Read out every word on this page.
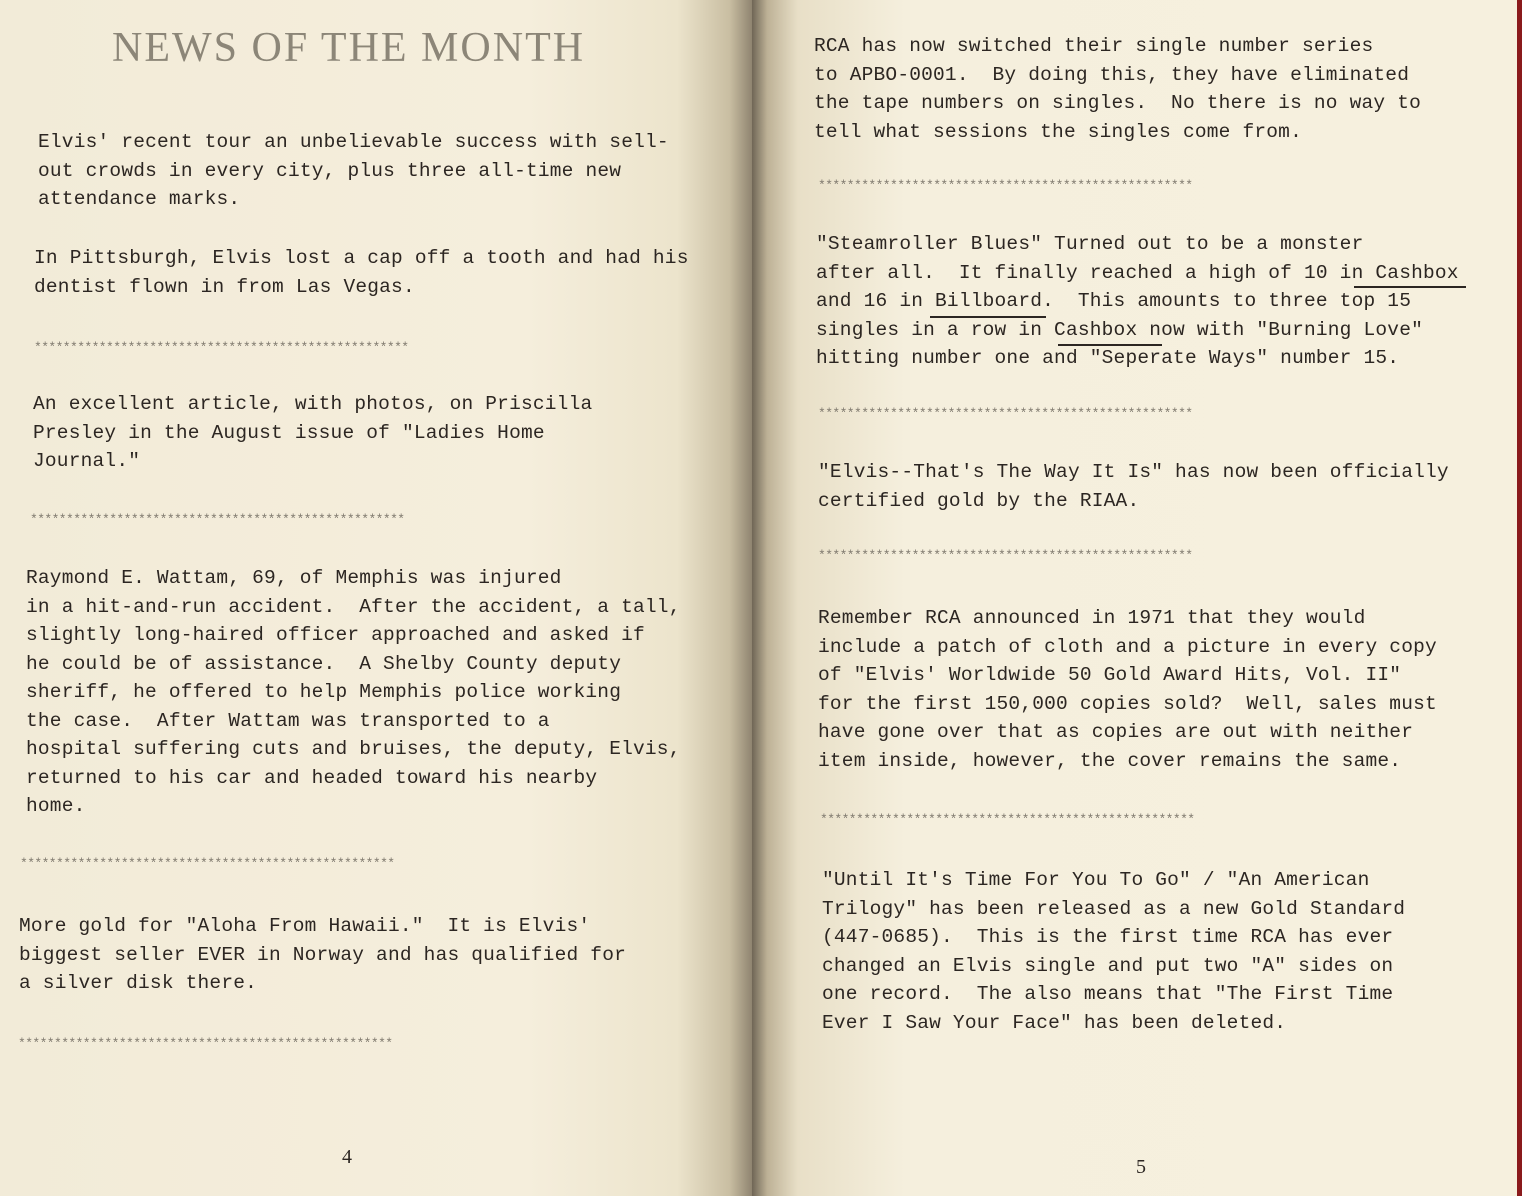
NEWS OF THE MONTH

Elvis' recent tour an unbelievable success with sell-
out crowds in every city, plus three all-time new
attendance marks.

In Pittsburgh, Elvis lost a cap off a tooth and had his
dentist flown in from Las Vegas.

****************************************************

An excellent article, with photos, on Priscilla
Presley in the August issue of "Ladies Home
Journal."

****************************************************

Raymond E. Wattam, 69, of Memphis was injured
in a hit-and-run accident.  After the accident, a tall,
slightly long-haired officer approached and asked if
he could be of assistance.  A Shelby County deputy
sheriff, he offered to help Memphis police working
the case.  After Wattam was transported to a
hospital suffering cuts and bruises, the deputy, Elvis,
returned to his car and headed toward his nearby
home.

****************************************************

More gold for "Aloha From Hawaii."  It is Elvis'
biggest seller EVER in Norway and has qualified for
a silver disk there.

****************************************************
4

RCA has now switched their single number series
to APBO-0001.  By doing this, they have eliminated
the tape numbers on singles.  No there is no way to
tell what sessions the singles come from.

****************************************************

"Steamroller Blues" Turned out to be a monster
after all.  It finally reached a high of 10 in Cashbox
and 16 in Billboard.  This amounts to three top 15
singles in a row in Cashbox now with "Burning Love"
hitting number one and "Seperate Ways" number 15.

****************************************************

"Elvis--That's The Way It Is" has now been officially
certified gold by the RIAA.

****************************************************

Remember RCA announced in 1971 that they would
include a patch of cloth and a picture in every copy
of "Elvis' Worldwide 50 Gold Award Hits, Vol. II"
for the first 150,000 copies sold?  Well, sales must
have gone over that as copies are out with neither
item inside, however, the cover remains the same.

****************************************************

"Until It's Time For You To Go" / "An American
Trilogy" has been released as a new Gold Standard
(447-0685).  This is the first time RCA has ever
changed an Elvis single and put two "A" sides on
one record.  The also means that "The First Time
Ever I Saw Your Face" has been deleted.

5
